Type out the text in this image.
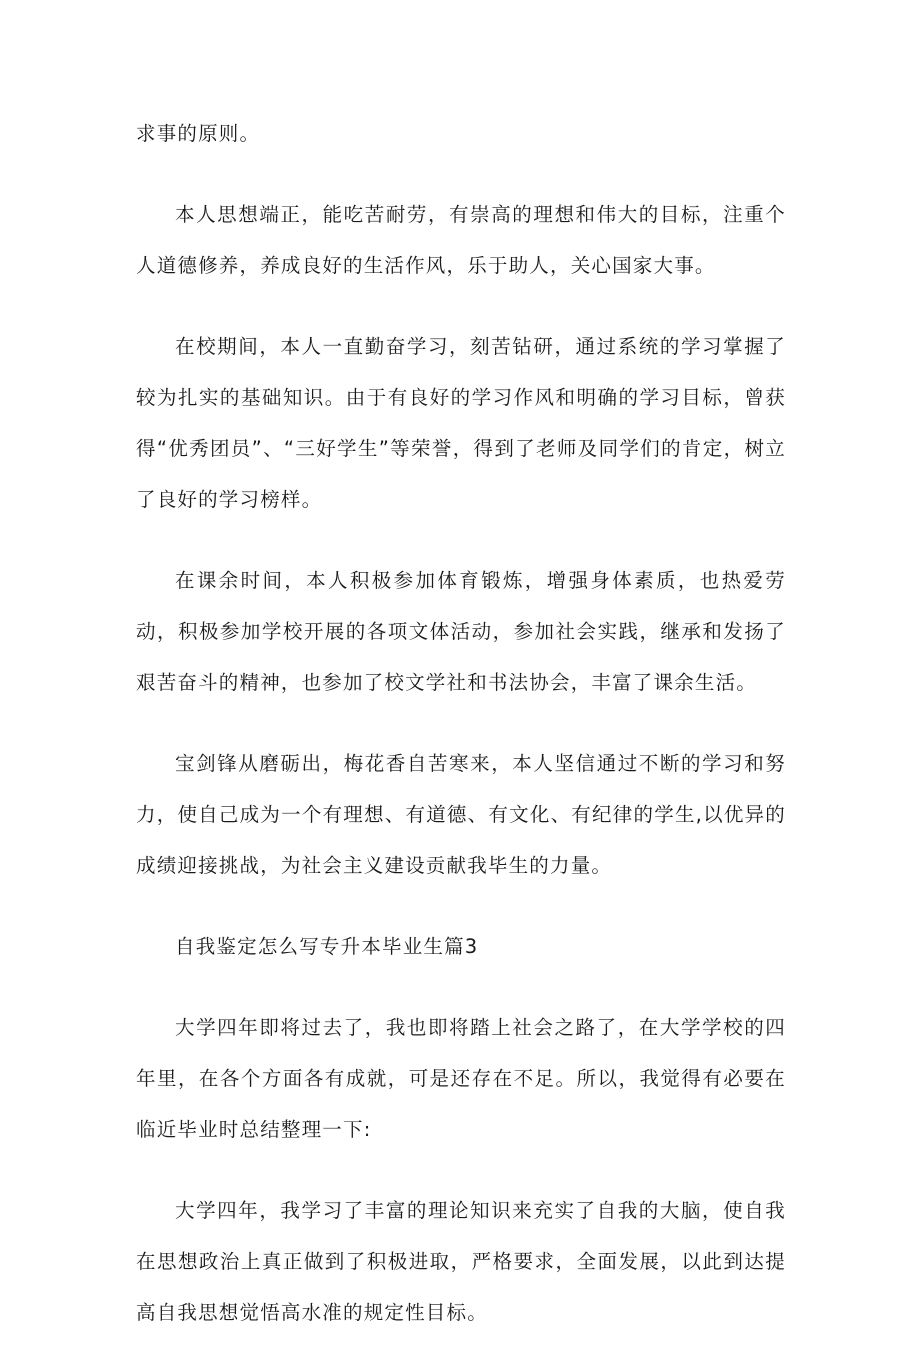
求事的原则。

本人思想端正，能吃苦耐劳，有崇高的理想和伟大的目标，注重个人道德修养，养成良好的生活作风，乐于助人，关心国家大事。

在校期间，本人一直勤奋学习，刻苦钻研，通过系统的学习掌握了较为扎实的基础知识。由于有良好的学习作风和明确的学习目标，曾获得“优秀团员”、“三好学生”等荣誉，得到了老师及同学们的肯定，树立了良好的学习榜样。

在课余时间，本人积极参加体育锻炼，增强身体素质，也热爱劳动，积极参加学校开展的各项文体活动，参加社会实践，继承和发扬了艰苦奋斗的精神，也参加了校文学社和书法协会，丰富了课余生活。

宝剑锋从磨砺出，梅花香自苦寒来，本人坚信通过不断的学习和努力，使自己成为一个有理想、有道德、有文化、有纪律的学生,以优异的成绩迎接挑战，为社会主义建设贡献我毕生的力量。

自我鉴定怎么写专升本毕业生篇3

大学四年即将过去了，我也即将踏上社会之路了，在大学学校的四年里，在各个方面各有成就，可是还存在不足。所以，我觉得有必要在临近毕业时总结整理一下:

大学四年，我学习了丰富的理论知识来充实了自我的大脑，使自我在思想政治上真正做到了积极进取，严格要求，全面发展，以此到达提高自我思想觉悟高水准的规定性目标。
